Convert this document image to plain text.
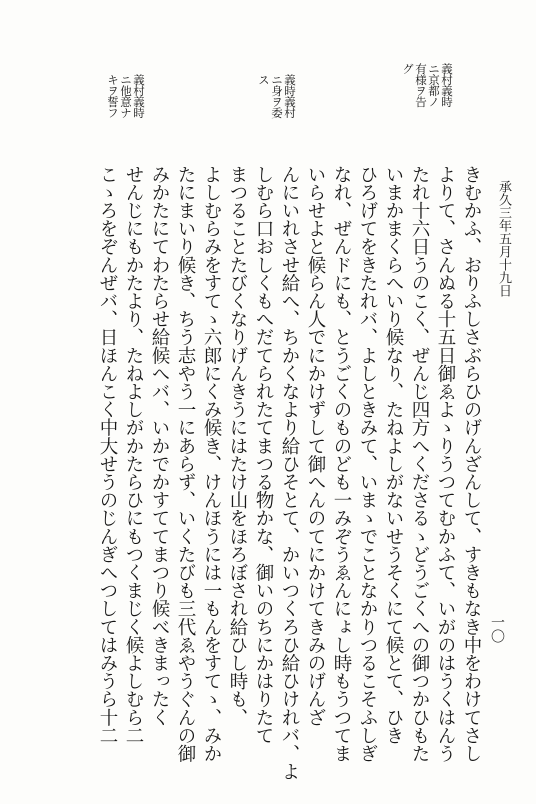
義村義時
ニ京都ノ
有様ヲ告
グ
義時義村
ニ身ヲ委
ス
義村義時
ニ他意ナ
キヲ誓フ
承久三年五月十九日
一〇
きむかふ、おりふしさぶらひのげんざんして、すきもなき中をわけてさし
よりて、さんぬる十五日御ゑよゝりうつてむかふて、いがのはうくはんう
たれ十六日うのこく、ぜんじ四方へくださるゝどうごくへの御つかひもた
いまかまくらへいり候なり、たねよしがないせうそくにて候とて、ひき
ひろげてをきたれバ、よしときみて、いまゝでことなかりつるこそふしぎ
なれ、ぜんドにも、とうごくのものども一みぞうゑんにょし時もうつてま
いらせよと候らん人でにかけずして御へんのてにかけてきみのげんざ
んにいれさせ給へ、ちかくなより給ひそとて、かいつくろひ給ひけれバ、よ
しむら口おしくもへだてられたてまつる物かな、御いのちにかはりたて
まつることたびくなりげんきうにはたけ山をほろぼされ給ひし時も、
よしむらみをすてゝ六郎にくみ候き、けんほうには一もんをすてゝ、みか
たにまいり候き、ちう志やう一にあらず、いくたびも三代ゑやうぐんの御
みかたにてわたらせ給候へバ、いかでかすててまつり候べきまったく
せんじにもかたより、たねよしがかたらひにもつくまじく候よしむら二
こゝろをぞんぜバ、日ほんこく中大せうのじんぎへつしてはみうら十二
